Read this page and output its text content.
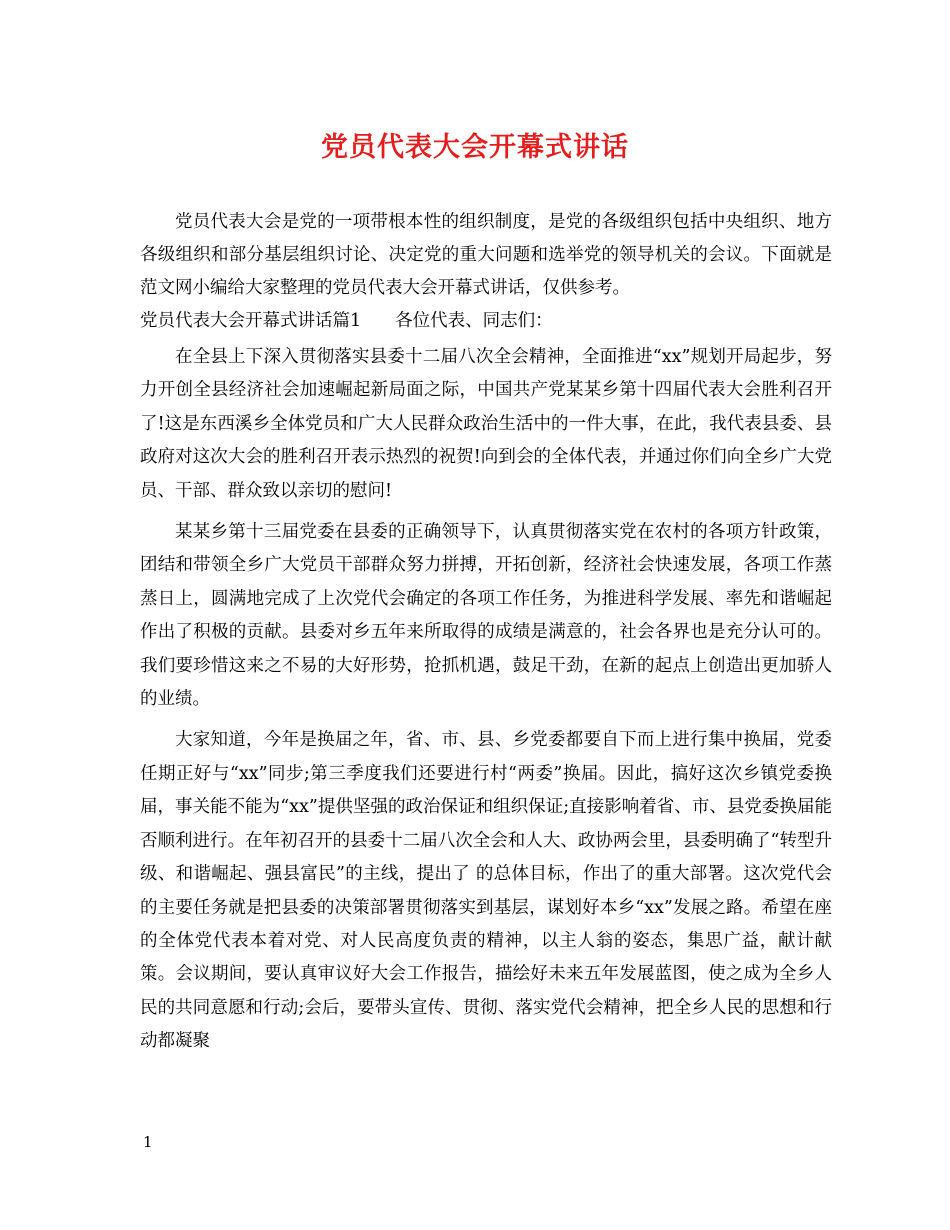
党员代表大会开幕式讲话

党员代表大会是党的一项带根本性的组织制度，是党的各级组织包括中央组织、地方各级组织和部分基层组织讨论、决定党的重大问题和选举党的领导机关的会议。下面就是范文网小编给大家整理的党员代表大会开幕式讲话，仅供参考。

党员代表大会开幕式讲话篇1 各位代表、同志们：

在全县上下深入贯彻落实县委十二届八次全会精神，全面推进“xx”规划开局起步，努力开创全县经济社会加速崛起新局面之际，中国共产党某某乡第十四届代表大会胜利召开了!这是东西溪乡全体党员和广大人民群众政治生活中的一件大事，在此，我代表县委、县政府对这次大会的胜利召开表示热烈的祝贺!向到会的全体代表，并通过你们向全乡广大党员、干部、群众致以亲切的慰问!

某某乡第十三届党委在县委的正确领导下，认真贯彻落实党在农村的各项方针政策，团结和带领全乡广大党员干部群众努力拼搏，开拓创新，经济社会快速发展，各项工作蒸蒸日上，圆满地完成了上次党代会确定的各项工作任务，为推进科学发展、率先和谐崛起作出了积极的贡献。县委对乡五年来所取得的成绩是满意的，社会各界也是充分认可的。我们要珍惜这来之不易的大好形势，抢抓机遇，鼓足干劲，在新的起点上创造出更加骄人的业绩。

大家知道，今年是换届之年，省、市、县、乡党委都要自下而上进行集中换届，党委任期正好与“xx”同步;第三季度我们还要进行村“两委”换届。因此，搞好这次乡镇党委换届，事关能不能为“xx”提供坚强的政治保证和组织保证;直接影响着省、市、县党委换届能否顺利进行。在年初召开的县委十二届八次全会和人大、政协两会里，县委明确了“转型升级、和谐崛起、强县富民”的主线，提出了 的总体目标，作出了的重大部署。这次党代会的主要任务就是把县委的决策部署贯彻落实到基层，谋划好本乡“xx”发展之路。希望在座的全体党代表本着对党、对人民高度负责的精神，以主人翁的姿态，集思广益，献计献策。会议期间，要认真审议好大会工作报告，描绘好未来五年发展蓝图，使之成为全乡人民的共同意愿和行动;会后，要带头宣传、贯彻、落实党代会精神，把全乡人民的思想和行动都凝聚

1
